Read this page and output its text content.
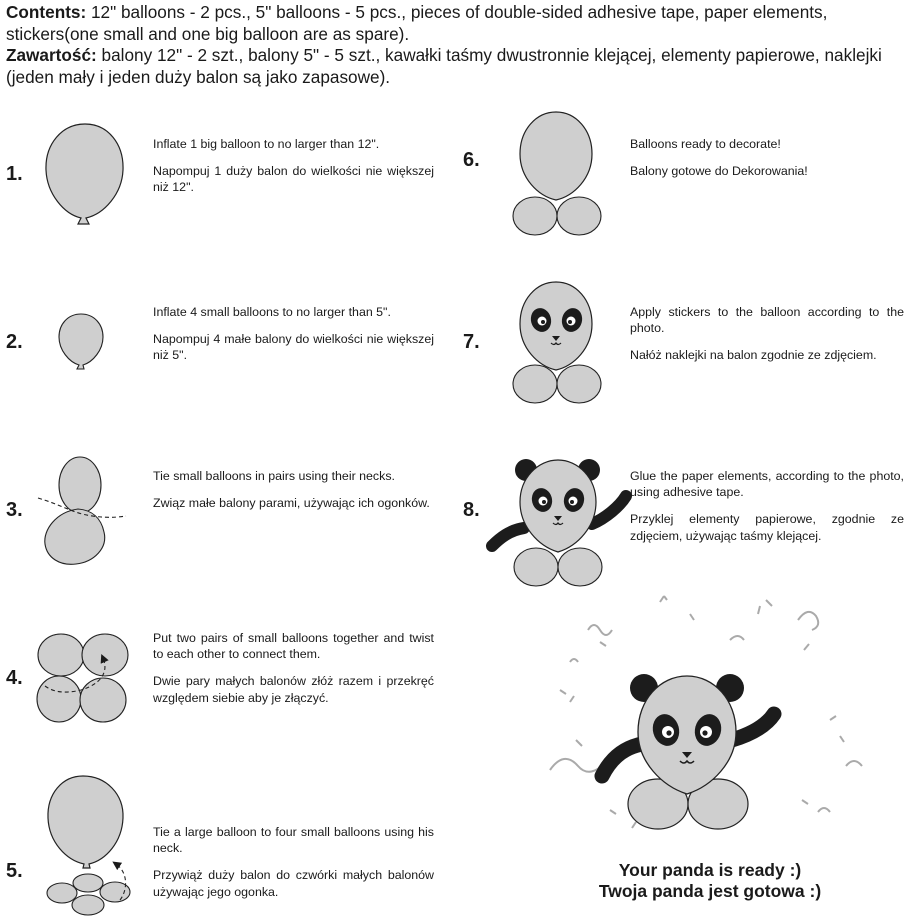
Contents: 12" balloons - 2 pcs., 5" balloons - 5 pcs., pieces of double-sided adhesive tape, paper elements, stickers(one small and one big balloon are as spare).
Zawartość: balony 12" - 2 szt., balony 5" - 5 szt., kawałki taśmy dwustronnie klejącej, elementy papierowe, naklejki (jeden mały i jeden duży balon są jako zapasowe).
1.
2.
3.
4.
5.
6.
7.
8.

Inflate 1 big balloon to no larger than 12".

Napompuj 1 duży balon do wielkości nie większej niż 12".

Inflate 4 small balloons to no larger than 5".

Napompuj 4 małe balony do wielkości nie większej niż 5".

Tie small balloons in pairs using their necks.

Związ małe balony parami, używając ich ogonków.

Put two pairs of small balloons together and twist to each other to connect them.

Dwie pary małych balonów złóż razem i przekręć względem siebie aby je złączyć.

Tie a large balloon to four small balloons using his neck.

Przywiąż duży balon do czwórki małych balonów używając jego ogonka.

Balloons ready to decorate!

Balony gotowe do Dekorowania!

Apply stickers to the balloon according to the photo.

Nałóż naklejki na balon zgodnie ze zdjęciem.

Glue the paper elements, according to the photo, using adhesive tape.

Przyklej elementy papierowe, zgodnie ze zdjęciem, używając taśmy klejącej.

Your panda is ready :)
Twoja panda jest gotowa :)
